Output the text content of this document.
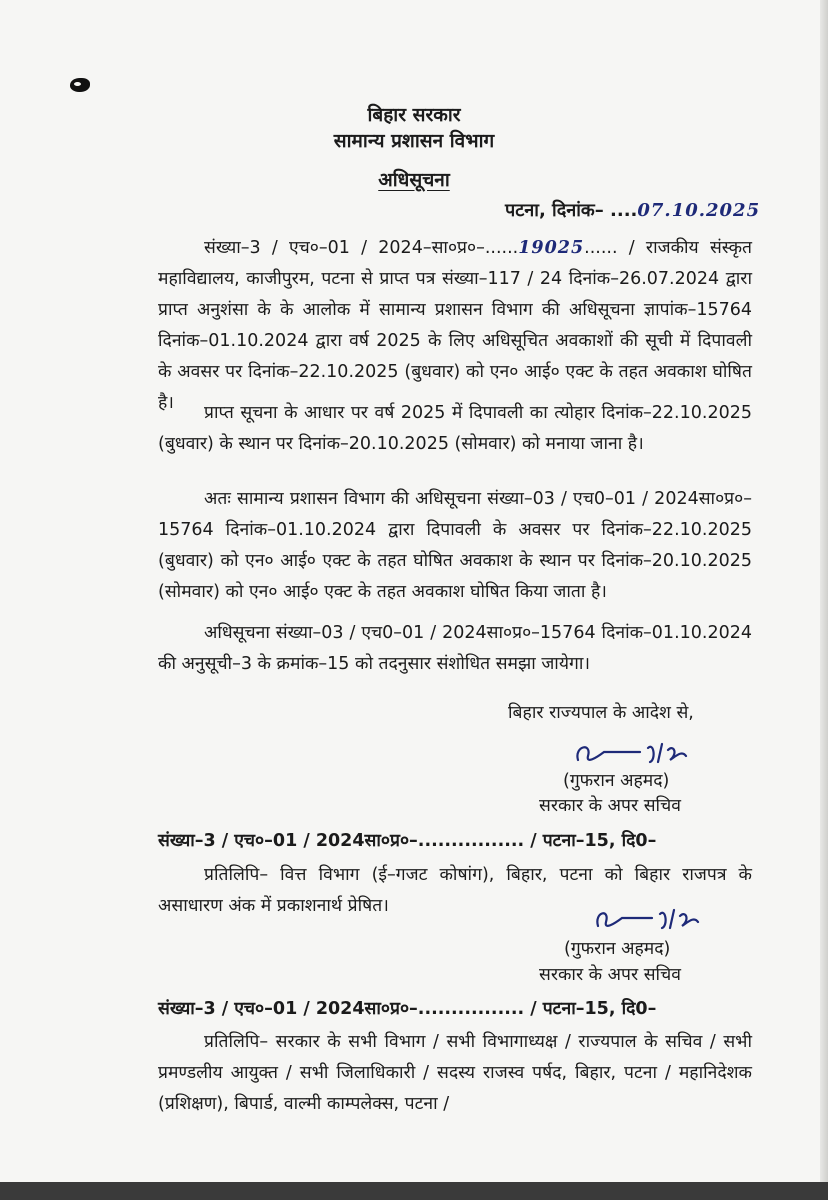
बिहार सरकार
सामान्य प्रशासन विभाग
अधिसूचना
पटना, दिनांक– ....07.10.2025

संख्या–3 / एच०–01 / 2024–सा०प्र०–......19025...... / राजकीय संस्कृत महाविद्यालय, काजीपुरम, पटना से प्राप्त पत्र संख्या–117 / 24 दिनांक–26.07.2024 द्वारा प्राप्त अनुशंसा के के आलोक में सामान्य प्रशासन विभाग की अधिसूचना ज्ञापांक–15764 दिनांक–01.10.2024 द्वारा वर्ष 2025 के लिए अधिसूचित अवकाशों की सूची में दिपावली के अवसर पर दिनांक–22.10.2025 (बुधवार) को एन० आई० एक्ट के तहत अवकाश घोषित है।	प्राप्त सूचना के आधार पर वर्ष 2025 में दिपावली का त्योहार दिनांक–22.10.2025 (बुधवार) के स्थान पर दिनांक–20.10.2025 (सोमवार) को मनाया जाना है।

अतः सामान्य प्रशासन विभाग की अधिसूचना संख्या–03 / एच0–01 / 2024सा०प्र०–15764 दिनांक–01.10.2024 द्वारा दिपावली के अवसर पर दिनांक–22.10.2025 (बुधवार) को एन० आई० एक्ट के तहत घोषित अवकाश के स्थान पर दिनांक–20.10.2025 (सोमवार) को एन० आई० एक्ट के तहत अवकाश घोषित किया जाता है।

अधिसूचना संख्या–03 / एच0–01 / 2024सा०प्र०–15764 दिनांक–01.10.2024 की अनुसूची–3 के क्रमांक–15 को तदनुसार संशोधित समझा जायेगा।

बिहार राज्यपाल के आदेश से,
(गुफरान अहमद)
सरकार के अपर सचिव
संख्या–3 / एच०–01 / 2024सा०प्र०–................ / पटना–15, दि0–

प्रतिलिपि– वित्त विभाग (ई–गजट कोषांग), बिहार, पटना को बिहार राजपत्र के असाधारण अंक में प्रकाशनार्थ प्रेषित।

(गुफरान अहमद)
सरकार के अपर सचिव
संख्या–3 / एच०–01 / 2024सा०प्र०–................ / पटना–15, दि0–

प्रतिलिपि– सरकार के सभी विभाग / सभी विभागाध्यक्ष / राज्यपाल के सचिव / सभी प्रमण्डलीय आयुक्त / सभी जिलाधिकारी / सदस्य राजस्व पर्षद, बिहार, पटना / महानिदेशक (प्रशिक्षण), बिपार्ड, वाल्मी काम्पलेक्स, पटना /
